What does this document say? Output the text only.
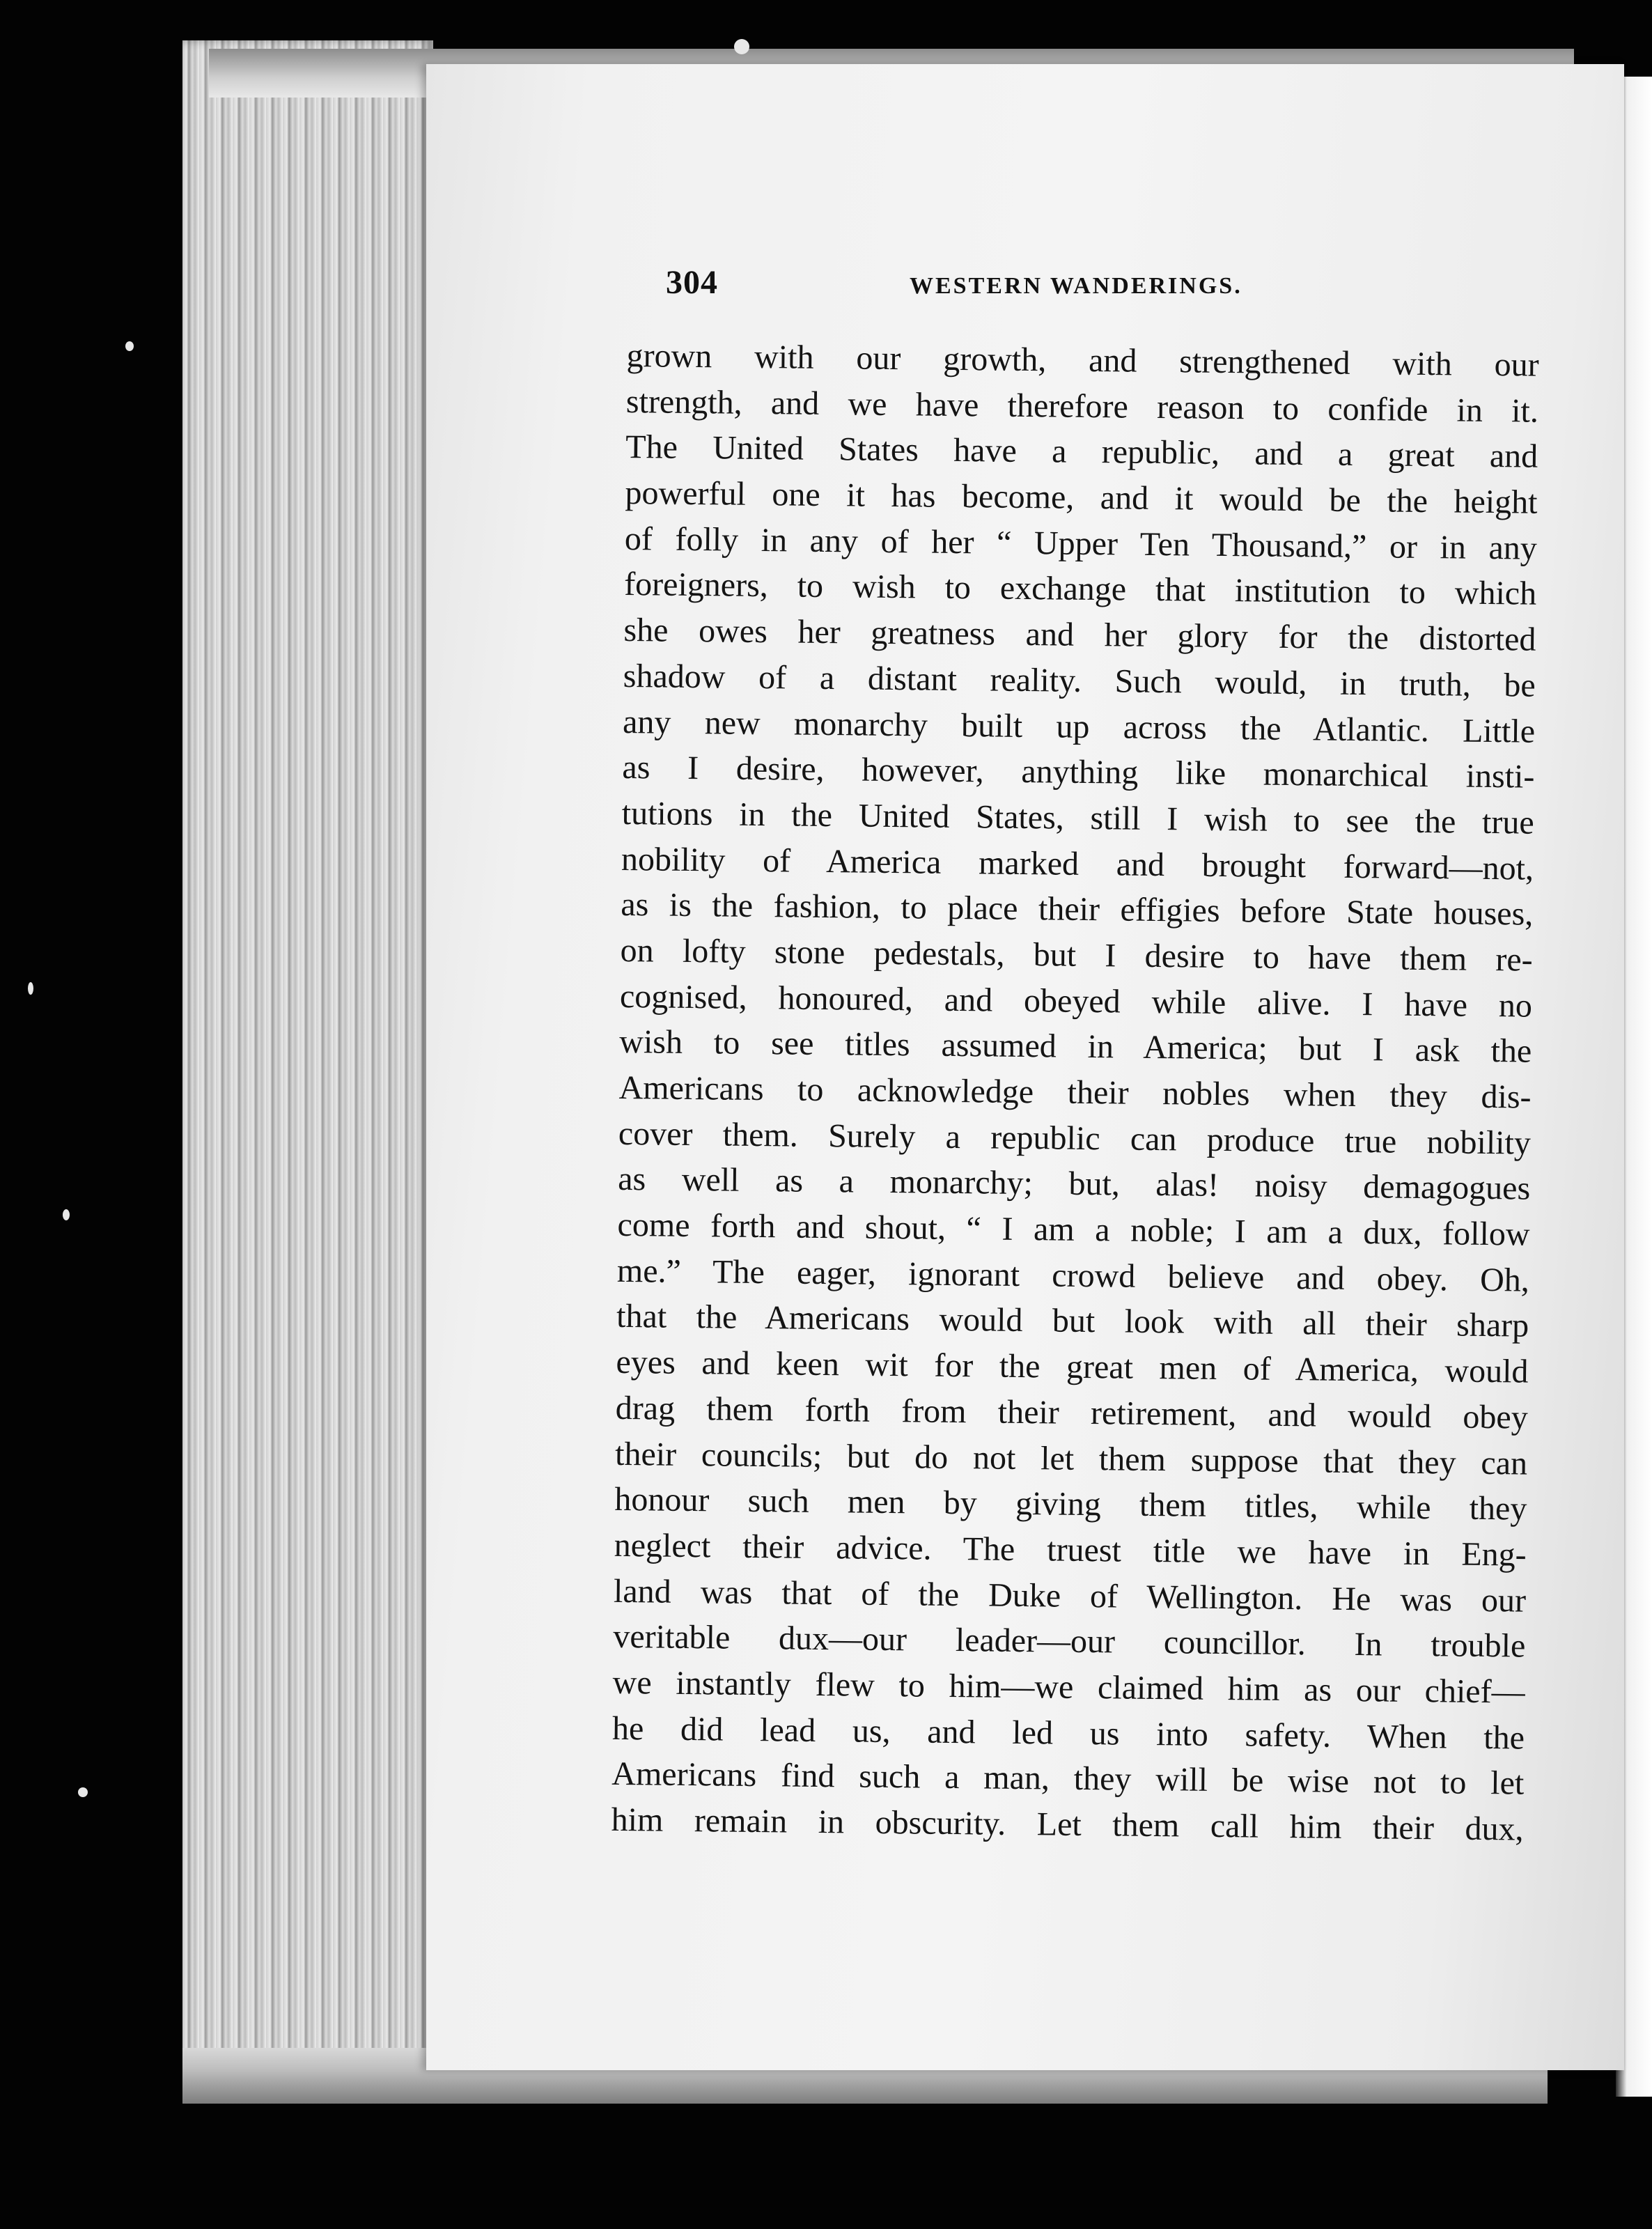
304	WESTERN WANDERINGS.
grown with our growth, and strengthened with our
strength, and we have therefore reason to confide in it.
The United States have a republic, and a great and
powerful one it has become, and it would be the height
of folly in any of her “ Upper Ten Thousand,” or in any
foreigners, to wish to exchange that institution to which
she owes her greatness and her glory for the distorted
shadow of a distant reality. Such would, in truth, be
any new monarchy built up across the Atlantic. Little
as I desire, however, anything like monarchical insti-
tutions in the United States, still I wish to see the true
nobility of America marked and brought forward—not,
as is the fashion, to place their effigies before State houses,
on lofty stone pedestals, but I desire to have them re-
cognised, honoured, and obeyed while alive. I have no
wish to see titles assumed in America; but I ask the
Americans to acknowledge their nobles when they dis-
cover them. Surely a republic can produce true nobility
as well as a monarchy; but, alas! noisy demagogues
come forth and shout, “ I am a noble; I am a dux, follow
me.” The eager, ignorant crowd believe and obey. Oh,
that the Americans would but look with all their sharp
eyes and keen wit for the great men of America, would
drag them forth from their retirement, and would obey
their councils; but do not let them suppose that they can
honour such men by giving them titles, while they
neglect their advice. The truest title we have in Eng-
land was that of the Duke of Wellington. He was our
veritable dux—our leader—our councillor. In trouble
we instantly flew to him—we claimed him as our chief—
he did lead us, and led us into safety. When the
Americans find such a man, they will be wise not to let
him remain in obscurity. Let them call him their dux,
